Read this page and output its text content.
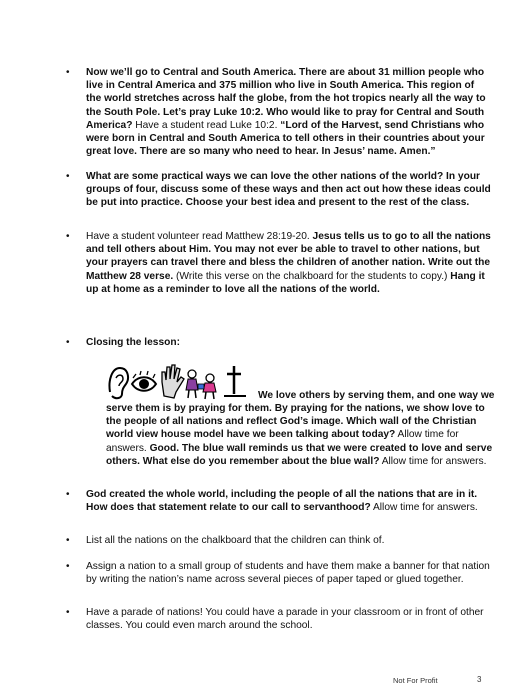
• Now we’ll go to Central and South America. There are about 31 million people who live in Central America and 375 million who live in South America. This region of the world stretches across half the globe, from the hot tropics nearly all the way to the South Pole. Let’s pray Luke 10:2. Who would like to pray for Central and South America? Have a student read Luke 10:2. “Lord of the Harvest, send Christians who were born in Central and South America to tell others in their countries about your great love. There are so many who need to hear. In Jesus’ name. Amen.”
• What are some practical ways we can love the other nations of the world? In your groups of four, discuss some of these ways and then act out how these ideas could be put into practice. Choose your best idea and present to the rest of the class.
• Have a student volunteer read Matthew 28:19-20. Jesus tells us to go to all the nations and tell others about Him. You may not ever be able to travel to other nations, but your prayers can travel there and bless the children of another nation. Write out the Matthew 28 verse. (Write this verse on the chalkboard for the students to copy.) Hang it up at home as a reminder to love all the nations of the world.
• Closing the lesson:
We love others by serving them, and one way we serve them is by praying for them. By praying for the nations, we show love to the people of all nations and reflect God’s image. Which wall of the Christian world view house model have we been talking about today? Allow time for answers. Good. The blue wall reminds us that we were created to love and serve others. What else do you remember about the blue wall? Allow time for answers.
• God created the whole world, including the people of all the nations that are in it. How does that statement relate to our call to servanthood? Allow time for answers.
• List all the nations on the chalkboard that the children can think of.
• Assign a nation to a small group of students and have them make a banner for that nation by writing the nation’s name across several pieces of paper taped or glued together.
• Have a parade of nations! You could have a parade in your classroom or in front of other classes. You could even march around the school.
Not For Profit	3
